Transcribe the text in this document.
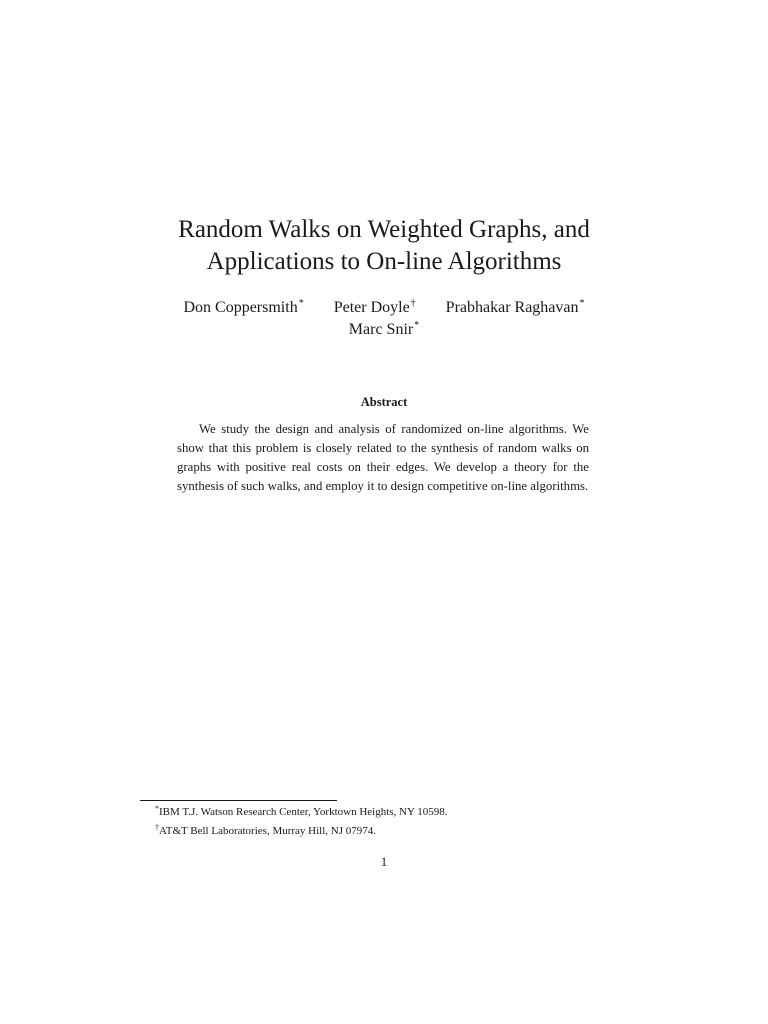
Random Walks on Weighted Graphs, and
Applications to On-line Algorithms
Don Coppersmith* Peter Doyle† Prabhakar Raghavan*
Marc Snir*
Abstract

We study the design and analysis of randomized on-line algorithms. We show that this problem is closely related to the synthesis of random walks on graphs with positive real costs on their edges. We develop a theory for the synthesis of such walks, and employ it to design competitive on-line algorithms.

*IBM T.J. Watson Research Center, Yorktown Heights, NY 10598.
†AT&T Bell Laboratories, Murray Hill, NJ 07974.
1
